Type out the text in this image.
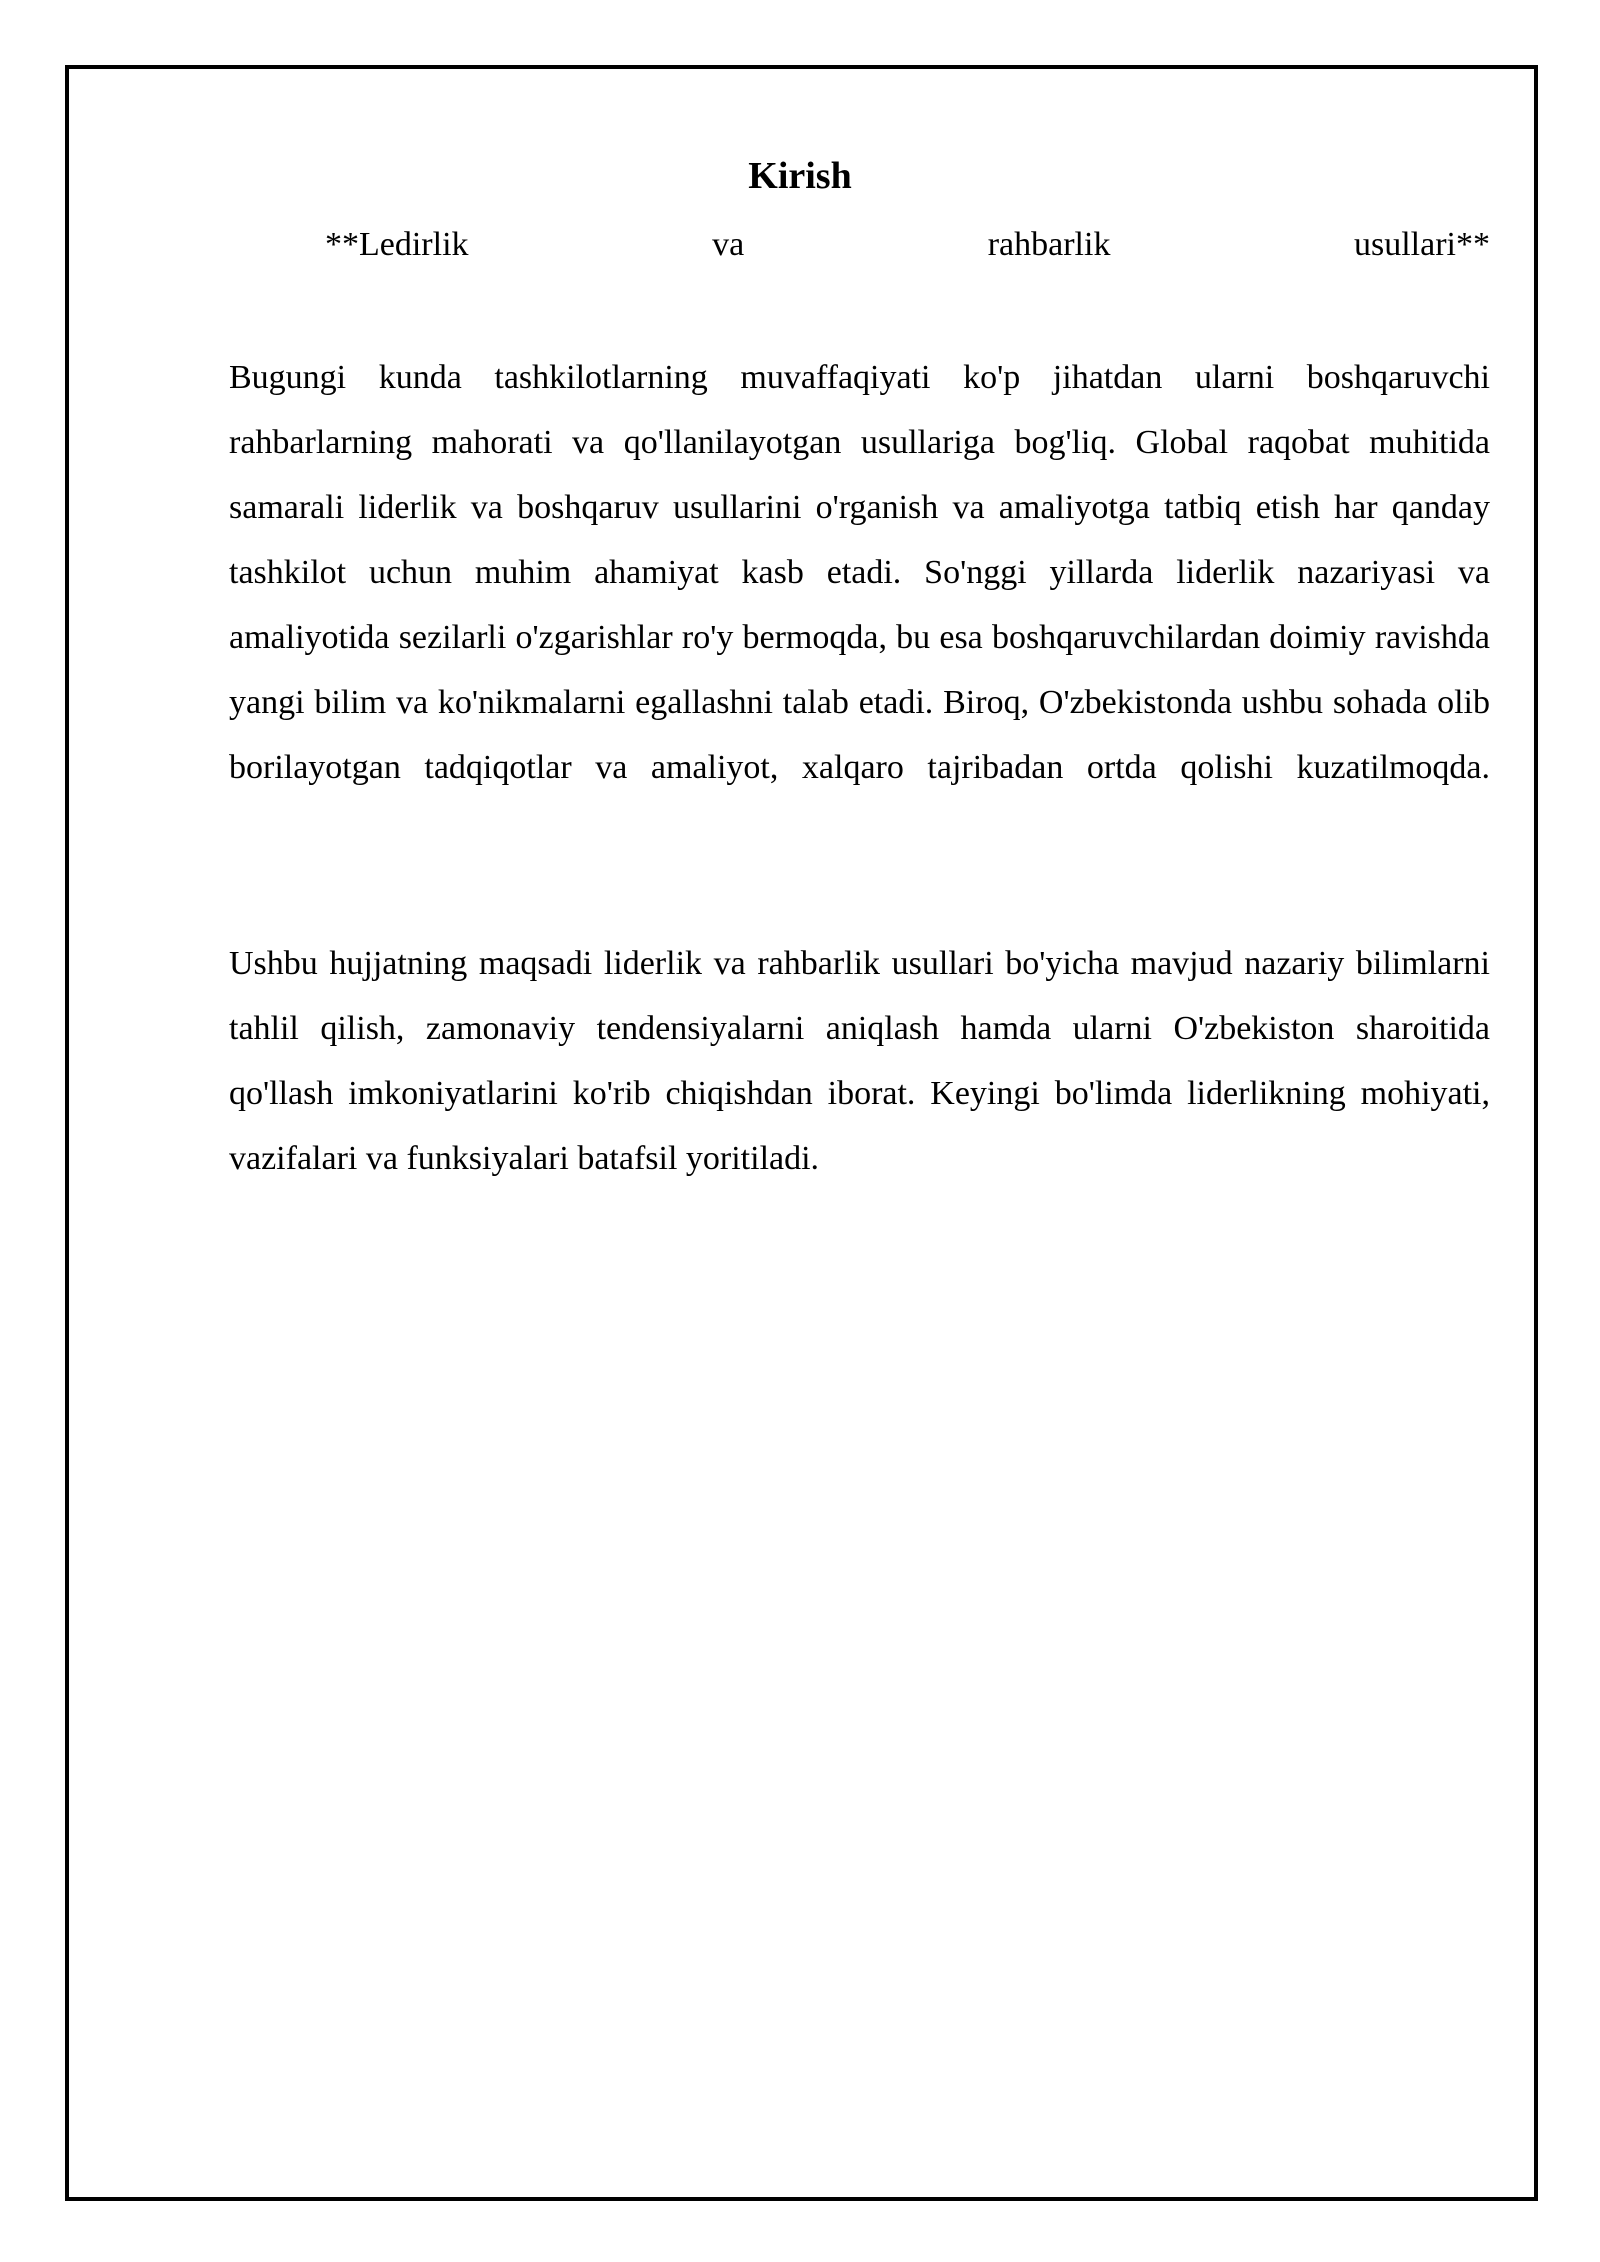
Kirish
**Ledirlik	va	rahbarlik	usullari**

Bugungi kunda tashkilotlarning muvaffaqiyati ko'p jihatdan ularni boshqaruvchi rahbarlarning mahorati va qo'llanilayotgan usullariga bog'liq. Global raqobat muhitida samarali liderlik va boshqaruv usullarini o'rganish va amaliyotga tatbiq etish har qanday tashkilot uchun muhim ahamiyat kasb etadi. So'nggi yillarda liderlik nazariyasi va amaliyotida sezilarli o'zgarishlar ro'y bermoqda, bu esa boshqaruvchilardan doimiy ravishda yangi bilim va ko'nikmalarni egallashni talab etadi. Biroq, O'zbekistonda ushbu sohada olib borilayotgan tadqiqotlar va amaliyot, xalqaro tajribadan ortda qolishi kuzatilmoqda.

Ushbu hujjatning maqsadi liderlik va rahbarlik usullari bo'yicha mavjud nazariy bilimlarni tahlil qilish, zamonaviy tendensiyalarni aniqlash hamda ularni O'zbekiston sharoitida qo'llash imkoniyatlarini ko'rib chiqishdan iborat. Keyingi bo'limda liderlikning mohiyati, vazifalari va funksiyalari batafsil yoritiladi.
